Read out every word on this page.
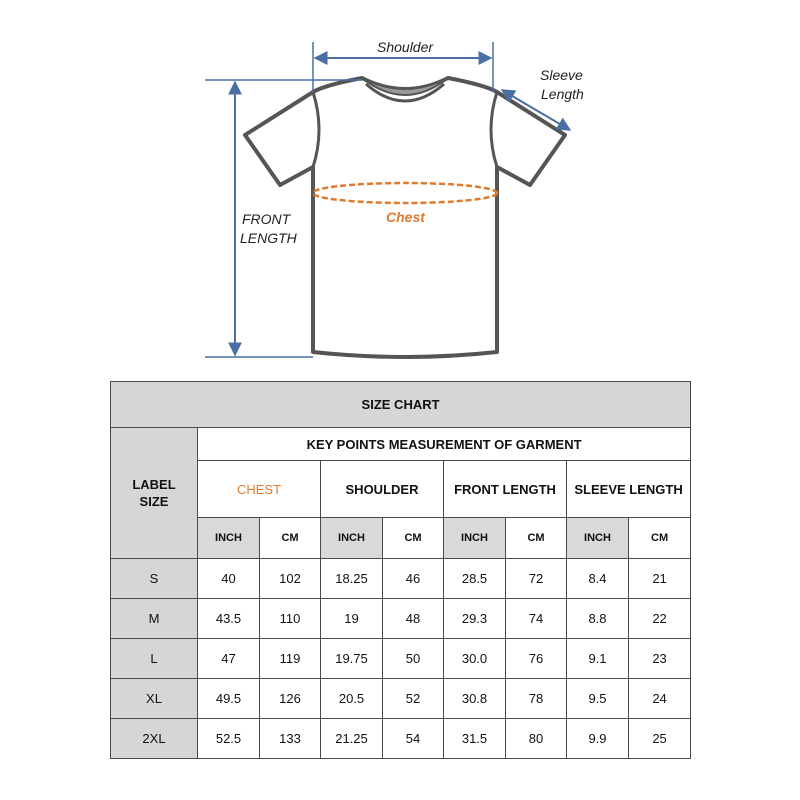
Shoulder
Sleeve
Length
FRONT
LENGTH
Chest
SIZE CHART								
LABEL
SIZE	KEY POINTS MEASUREMENT OF GARMENT							
	CHEST		SHOULDER		FRONT LENGTH		SLEEVE LENGTH	
	INCH	CM	INCH	CM	INCH	CM	INCH	CM
S	40	102	18.25	46	28.5	72	8.4	21
M	43.5	110	19	48	29.3	74	8.8	22
L	47	119	19.75	50	30.0	76	9.1	23
XL	49.5	126	20.5	52	30.8	78	9.5	24
2XL	52.5	133	21.25	54	31.5	80	9.9	25
